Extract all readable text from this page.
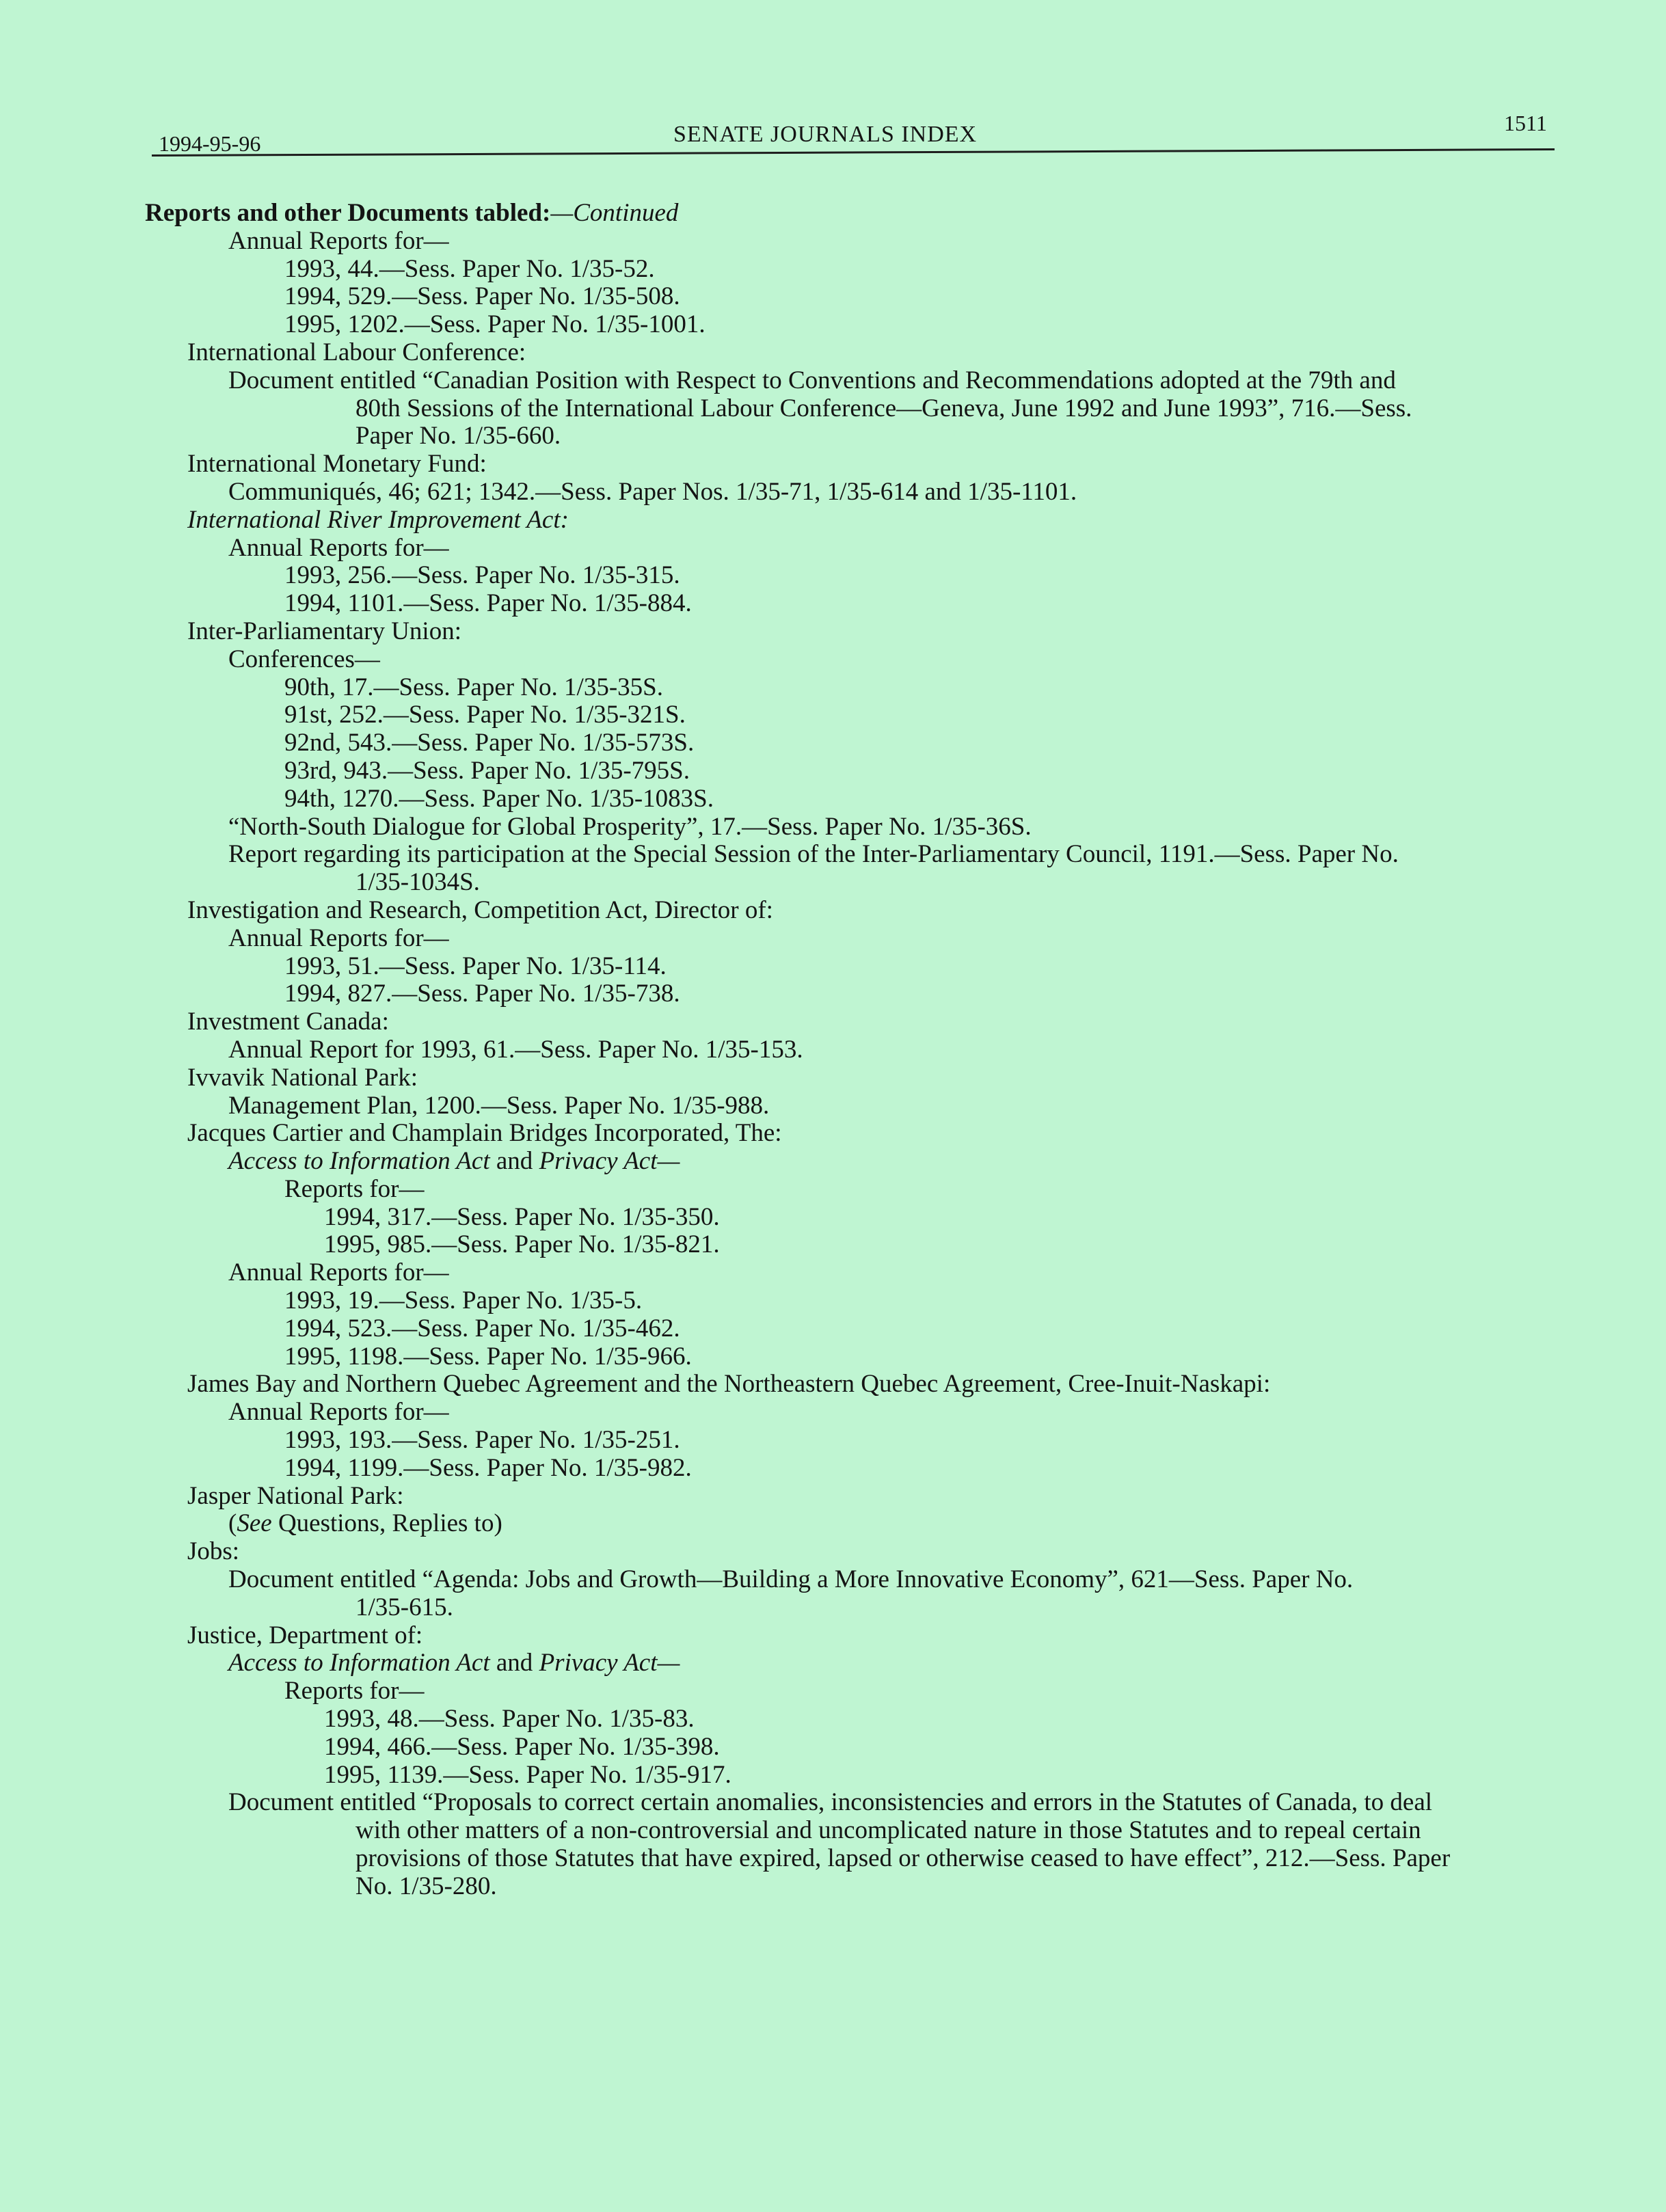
1994-95-96	SENATE JOURNALS INDEX	1511
Reports and other Documents tabled:—Continued
Annual Reports for—
1993, 44.—Sess. Paper No. 1/35-52.
1994, 529.—Sess. Paper No. 1/35-508.
1995, 1202.—Sess. Paper No. 1/35-1001.
International Labour Conference:
Document entitled “Canadian Position with Respect to Conventions and Recommendations adopted at the 79th and
80th Sessions of the International Labour Conference—Geneva, June 1992 and June 1993”, 716.—Sess.
Paper No. 1/35-660.
International Monetary Fund:
Communiqués, 46; 621; 1342.—Sess. Paper Nos. 1/35-71, 1/35-614 and 1/35-1101.
International River Improvement Act:
Annual Reports for—
1993, 256.—Sess. Paper No. 1/35-315.
1994, 1101.—Sess. Paper No. 1/35-884.
Inter-Parliamentary Union:
Conferences—
90th, 17.—Sess. Paper No. 1/35-35S.
91st, 252.—Sess. Paper No. 1/35-321S.
92nd, 543.—Sess. Paper No. 1/35-573S.
93rd, 943.—Sess. Paper No. 1/35-795S.
94th, 1270.—Sess. Paper No. 1/35-1083S.
“North-South Dialogue for Global Prosperity”, 17.—Sess. Paper No. 1/35-36S.
Report regarding its participation at the Special Session of the Inter-Parliamentary Council, 1191.—Sess. Paper No.
1/35-1034S.
Investigation and Research, Competition Act, Director of:
Annual Reports for—
1993, 51.—Sess. Paper No. 1/35-114.
1994, 827.—Sess. Paper No. 1/35-738.
Investment Canada:
Annual Report for 1993, 61.—Sess. Paper No. 1/35-153.
Ivvavik National Park:
Management Plan, 1200.—Sess. Paper No. 1/35-988.
Jacques Cartier and Champlain Bridges Incorporated, The:
Access to Information Act and Privacy Act—
Reports for—
1994, 317.—Sess. Paper No. 1/35-350.
1995, 985.—Sess. Paper No. 1/35-821.
Annual Reports for—
1993, 19.—Sess. Paper No. 1/35-5.
1994, 523.—Sess. Paper No. 1/35-462.
1995, 1198.—Sess. Paper No. 1/35-966.
James Bay and Northern Quebec Agreement and the Northeastern Quebec Agreement, Cree-Inuit-Naskapi:
Annual Reports for—
1993, 193.—Sess. Paper No. 1/35-251.
1994, 1199.—Sess. Paper No. 1/35-982.
Jasper National Park:
(See Questions, Replies to)
Jobs:
Document entitled “Agenda: Jobs and Growth—Building a More Innovative Economy”, 621—Sess. Paper No.
1/35-615.
Justice, Department of:
Access to Information Act and Privacy Act—
Reports for—
1993, 48.—Sess. Paper No. 1/35-83.
1994, 466.—Sess. Paper No. 1/35-398.
1995, 1139.—Sess. Paper No. 1/35-917.
Document entitled “Proposals to correct certain anomalies, inconsistencies and errors in the Statutes of Canada, to deal
with other matters of a non-controversial and uncomplicated nature in those Statutes and to repeal certain
provisions of those Statutes that have expired, lapsed or otherwise ceased to have effect”, 212.—Sess. Paper
No. 1/35-280.
